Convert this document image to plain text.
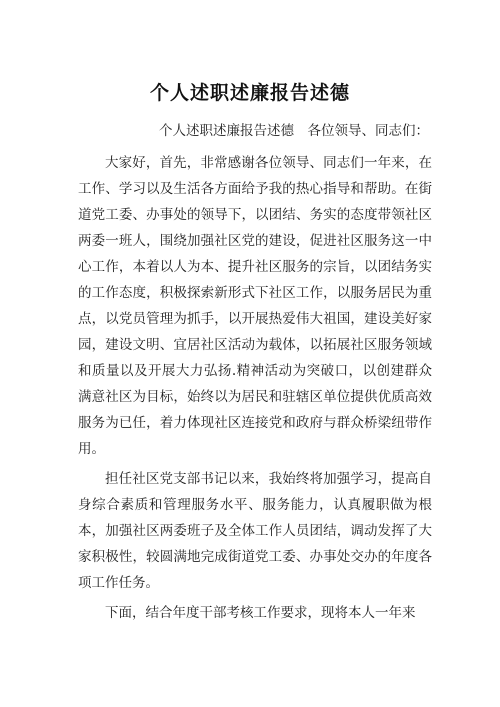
个人述职述廉报告述德

个人述职述廉报告述德　各位领导、同志们：

大家好，首先，非常感谢各位领导、同志们一年来，在工作、学习以及生活各方面给予我的热心指导和帮助。在街道党工委、办事处的领导下，以团结、务实的态度带领社区两委一班人，围绕加强社区党的建设，促进社区服务这一中心工作，本着以人为本、提升社区服务的宗旨，以团结务实的工作态度，积极探索新形式下社区工作，以服务居民为重点，以党员管理为抓手，以开展热爱伟大祖国，建设美好家园，建设文明、宜居社区活动为载体，以拓展社区服务领域和质量以及开展大力弘扬.精神活动为突破口，以创建群众满意社区为目标，始终以为居民和驻辖区单位提供优质高效服务为已任，着力体现社区连接党和政府与群众桥梁纽带作用。

担任社区党支部书记以来，我始终将加强学习，提高自身综合素质和管理服务水平、服务能力，认真履职做为根本，加强社区两委班子及全体工作人员团结，调动发挥了大家积极性，较圆满地完成街道党工委、办事处交办的年度各项工作任务。

下面，结合年度干部考核工作要求，现将本人一年来
